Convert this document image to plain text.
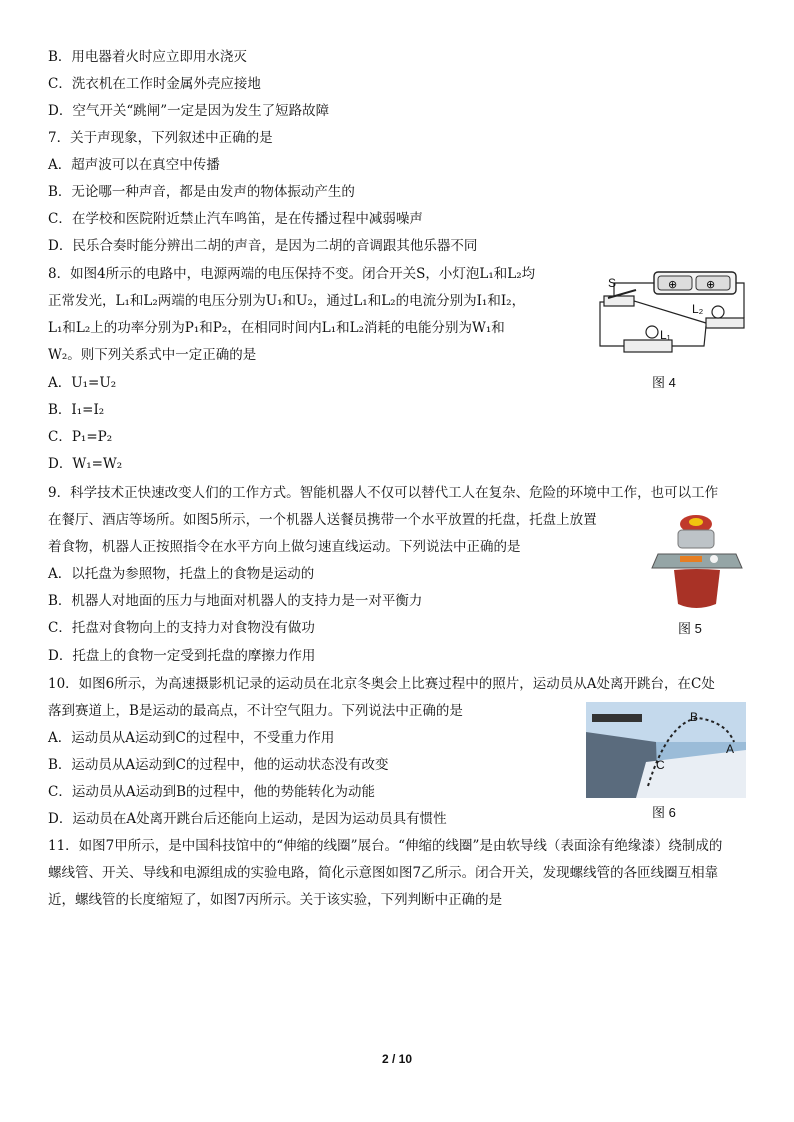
B．用电器着火时应立即用水浇灭
C．洗衣机在工作时金属外壳应接地
D．空气开关“跳闸”一定是因为发生了短路故障
7．关于声现象，下列叙述中正确的是
A．超声波可以在真空中传播
B．无论哪一种声音，都是由发声的物体振动产生的
C．在学校和医院附近禁止汽车鸣笛，是在传播过程中减弱噪声
D．民乐合奏时能分辨出二胡的声音，是因为二胡的音调跟其他乐器不同
8．如图4所示的电路中，电源两端的电压保持不变。闭合开关S，小灯泡L₁和L₂均
正常发光，L₁和L₂两端的电压分别为U₁和U₂，通过L₁和L₂的电流分别为I₁和I₂，
L₁和L₂上的功率分别为P₁和P₂，在相同时间内L₁和L₂消耗的电能分别为W₁和
W₂。则下列关系式中一定正确的是
A．U₁=U₂
B．I₁=I₂
C．P₁=P₂
D．W₁=W₂
9．科学技术正快速改变人们的工作方式。智能机器人不仅可以替代工人在复杂、危险的环境中工作，也可以工作
在餐厅、酒店等场所。如图5所示，一个机器人送餐员携带一个水平放置的托盘，托盘上放置
着食物，机器人正按照指令在水平方向上做匀速直线运动。下列说法中正确的是
A．以托盘为参照物，托盘上的食物是运动的
B．机器人对地面的压力与地面对机器人的支持力是一对平衡力
C．托盘对食物向上的支持力对食物没有做功
D．托盘上的食物一定受到托盘的摩擦力作用
10．如图6所示，为高速摄影机记录的运动员在北京冬奥会上比赛过程中的照片，运动员从A处离开跳台，在C处
落到赛道上，B是运动的最高点，不计空气阻力。下列说法中正确的是
A．运动员从A运动到C的过程中，不受重力作用
B．运动员从A运动到C的过程中，他的运动状态没有改变
C．运动员从A运动到B的过程中，他的势能转化为动能
D．运动员在A处离开跳台后还能向上运动，是因为运动员具有惯性
11．如图7甲所示，是中国科技馆中的“伸缩的线圈”展台。“伸缩的线圈”是由软导线（表面涂有绝缘漆）绕制成的
螺线管、开关、导线和电源组成的实验电路，简化示意图如图7乙所示。闭合开关，发现螺线管的各匝线圈互相靠
近，螺线管的长度缩短了，如图7丙所示。关于该实验，下列判断中正确的是
⊕	⊕
S
L₂
L₁
图 4
图 5
B
A
C
图 6
2 / 10
